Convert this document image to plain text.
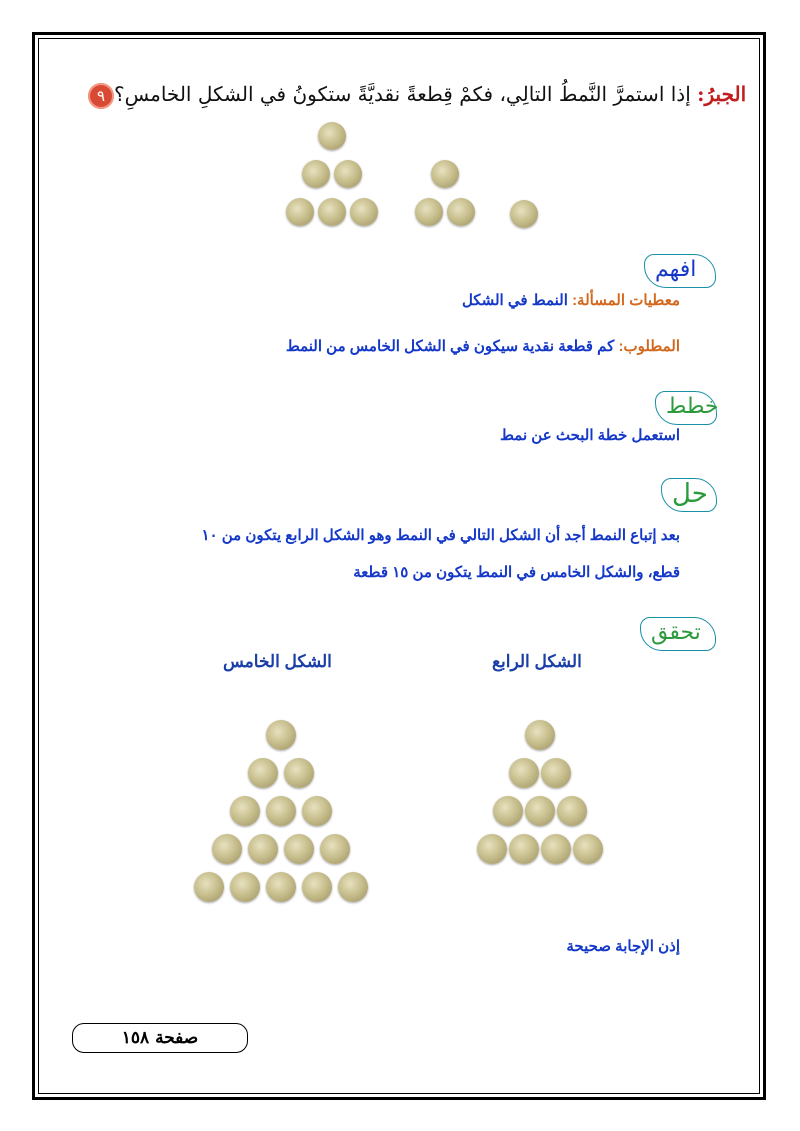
٩	الجبرُ: إذا استمرَّ النَّمطُ التالِي، فكمْ قِطعةً نقديَّةً ستكونُ في الشكلِ الخامسِ؟
افهم
معطيات المسألة: النمط في الشكل
المطلوب: كم قطعة نقدية سيكون في الشكل الخامس من النمط
خطط
استعمل خطة البحث عن نمط
حل
بعد إتباع النمط أجد أن الشكل التالي في النمط وهو الشكل الرابع يتكون من ١٠
قطع، والشكل الخامس في النمط يتكون من ١٥ قطعة
تحقق
الشكل الرابع
الشكل الخامس
إذن الإجابة صحيحة
صفحة ١٥٨
